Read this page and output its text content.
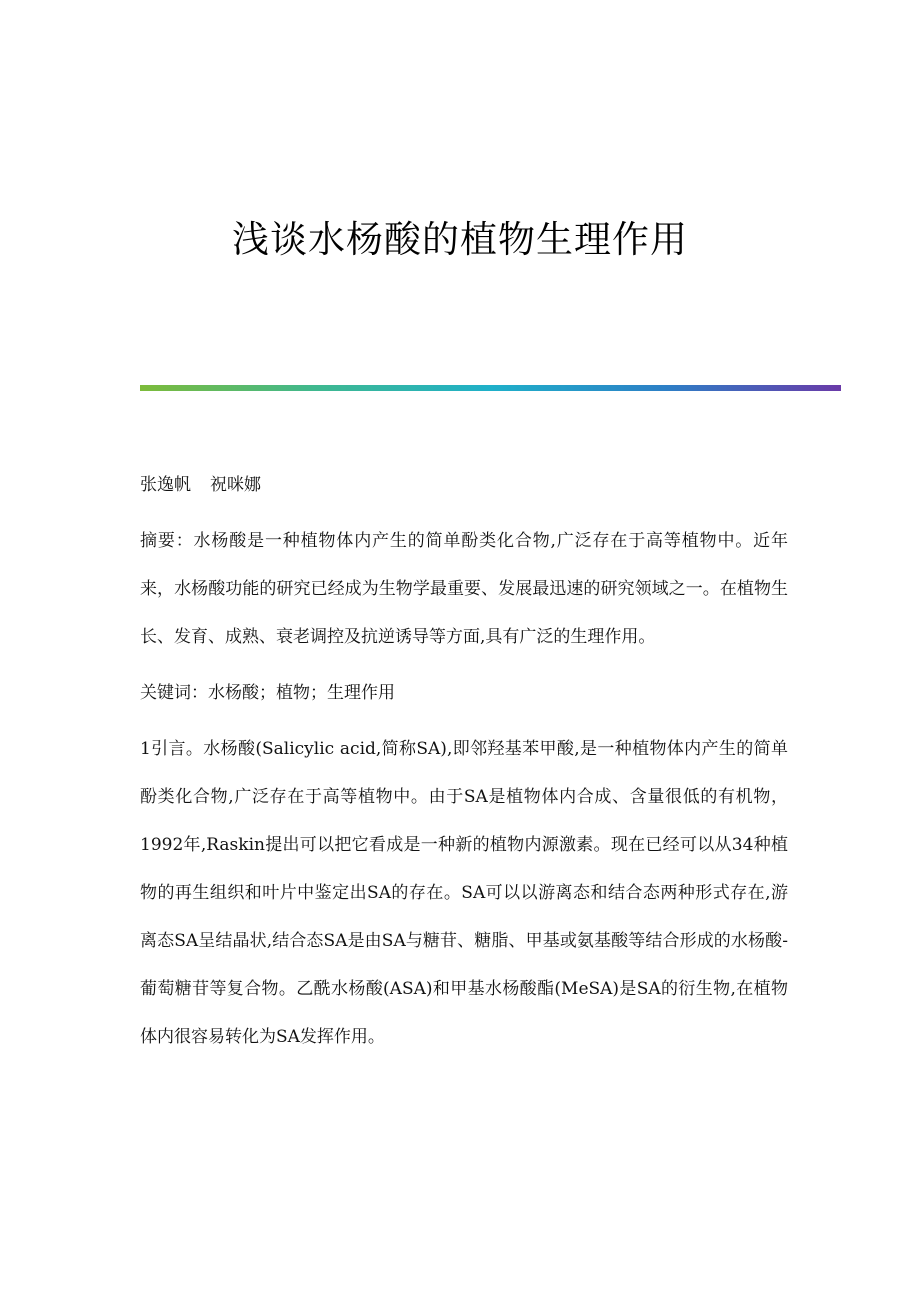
浅谈水杨酸的植物生理作用

张逸帆 祝咪娜

摘要：水杨酸是一种植物体内产生的简单酚类化合物,广泛存在于高等植物中。近年来，水杨酸功能的研究已经成为生物学最重要、发展最迅速的研究领域之一。在植物生长、发育、成熟、衰老调控及抗逆诱导等方面,具有广泛的生理作用。

关键词：水杨酸；植物；生理作用

1引言。水杨酸(Salicylic acid,简称SA),即邻羟基苯甲酸,是一种植物体内产生的简单酚类化合物,广泛存在于高等植物中。由于SA是植物体内合成、含量很低的有机物，1992年,Raskin提出可以把它看成是一种新的植物内源激素。现在已经可以从34种植物的再生组织和叶片中鉴定出SA的存在。SA可以以游离态和结合态两种形式存在,游离态SA呈结晶状,结合态SA是由SA与糖苷、糖脂、甲基或氨基酸等结合形成的水杨酸-葡萄糖苷等复合物。乙酰水杨酸(ASA)和甲基水杨酸酯(MeSA)是SA的衍生物,在植物体内很容易转化为SA发挥作用。
